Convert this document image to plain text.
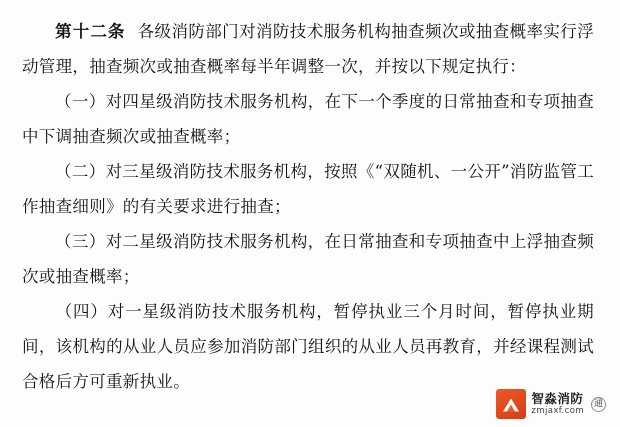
第十二条 各级消防部门对消防技术服务机构抽查频次或抽查概率实行浮动管理，抽查频次或抽查概率每半年调整一次，并按以下规定执行：

（一）对四星级消防技术服务机构，在下一个季度的日常抽查和专项抽查中下调抽查频次或抽查概率；

（二）对三星级消防技术服务机构，按照《“双随机、一公开”消防监管工作抽查细则》的有关要求进行抽查；

（三）对二星级消防技术服务机构，在日常抽查和专项抽查中上浮抽查频次或抽查概率；

（四）对一星级消防技术服务机构，暂停执业三个月时间，暂停执业期间，该机构的从业人员应参加消防部门组织的从业人员再教育，并经课程测试合格后方可重新执业。

智淼消防
zmjaxf.com
通
